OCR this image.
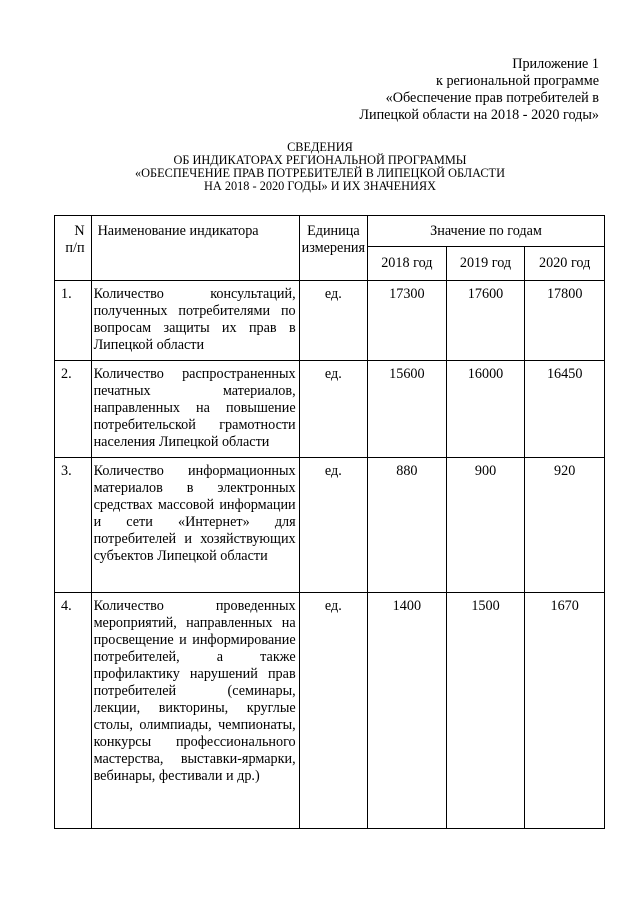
Приложение 1
к региональной программе
«Обеспечение прав потребителей в
Липецкой области на 2018 - 2020 годы»
СВЕДЕНИЯ
ОБ ИНДИКАТОРАХ РЕГИОНАЛЬНОЙ ПРОГРАММЫ
«ОБЕСПЕЧЕНИЕ ПРАВ ПОТРЕБИТЕЛЕЙ В ЛИПЕЦКОЙ ОБЛАСТИ
НА 2018 - 2020 ГОДЫ» И ИХ ЗНАЧЕНИЯХ
N п/п	Наименование индикатора	Единица измерения	Значение по годам		
			2018 год	2019 год	2020 год
1.	Количество консультаций, полученных потребителями по вопросам защиты их прав в Липецкой области	ед.	17300	17600	17800
2.	Количество распространенных печатных материалов, направленных на повышение потребительской грамотности населения Липецкой области	ед.	15600	16000	16450
3.	Количество информационных материалов в электронных средствах массовой информации и сети «Интернет» для потребителей и хозяйствующих субъектов Липецкой области	ед.	880	900	920
4.	Количество проведенных мероприятий, направленных на просвещение и информирование потребителей, а также профилактику нарушений прав потребителей (семинары, лекции, викторины, круглые столы, олимпиады, чемпионаты, конкурсы профессионального мастерства, выставки-ярмарки, вебинары, фестивали и др.)	ед.	1400	1500	1670
